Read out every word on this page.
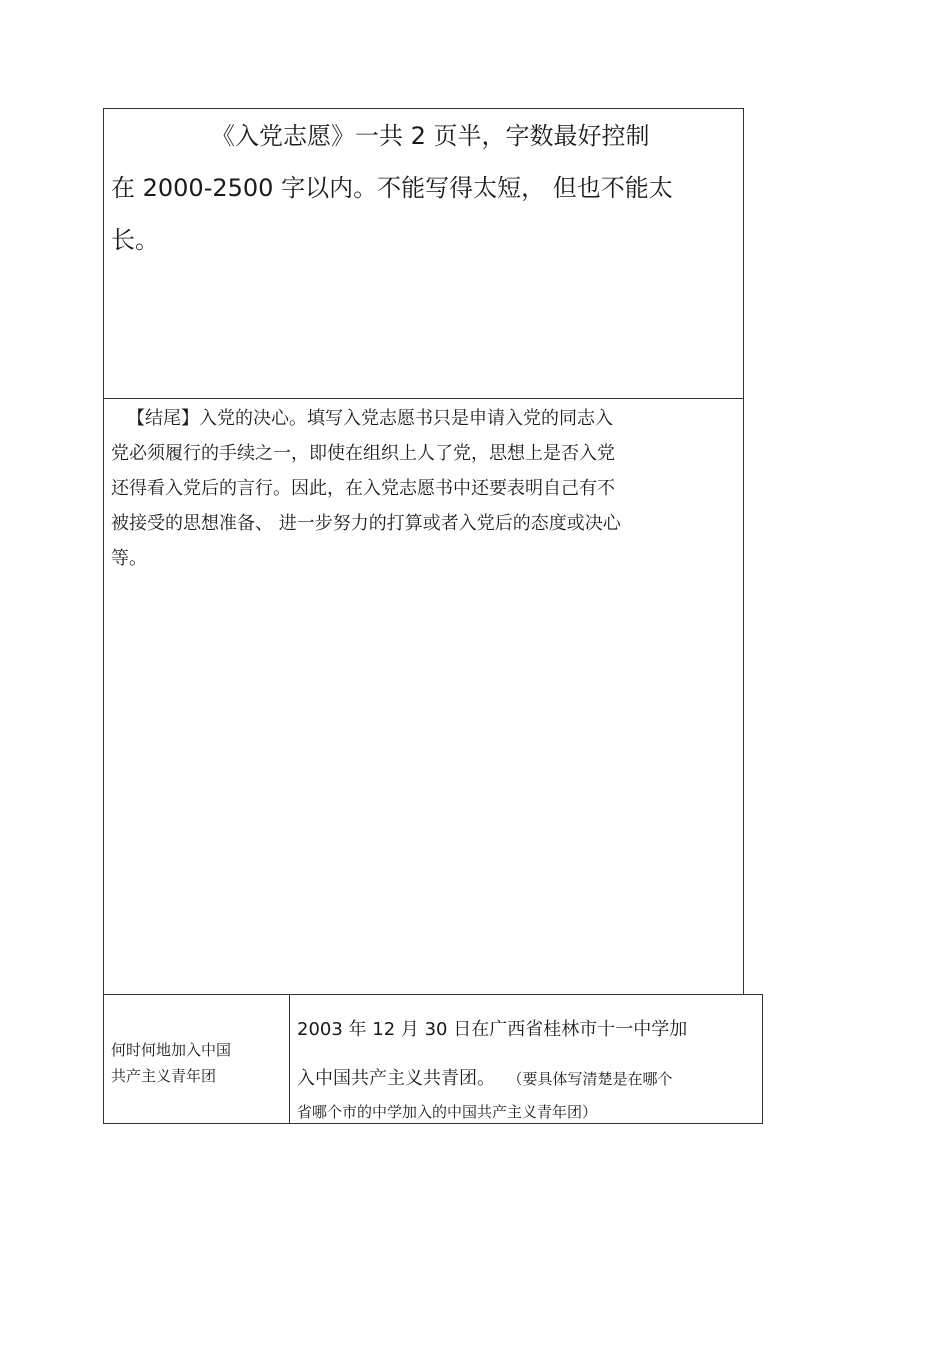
《入党志愿》一共 2 页半，字数最好控制
在 2000-2500 字以内。不能写得太短， 但也不能太
长。
【结尾】入党的决心。填写入党志愿书只是申请入党的同志入
党必须履行的手续之一，即使在组织上人了党，思想上是否入党
还得看入党后的言行。因此，在入党志愿书中还要表明自己有不
被接受的思想准备、 进一步努力的打算或者入党后的态度或决心
等。
何时何地加入中国
共产主义青年团
2003 年 12 月 30 日在广西省桂林市十一中学加
入中国共产主义共青团。 （要具体写清楚是在哪个
省哪个市的中学加入的中国共产主义青年团）
